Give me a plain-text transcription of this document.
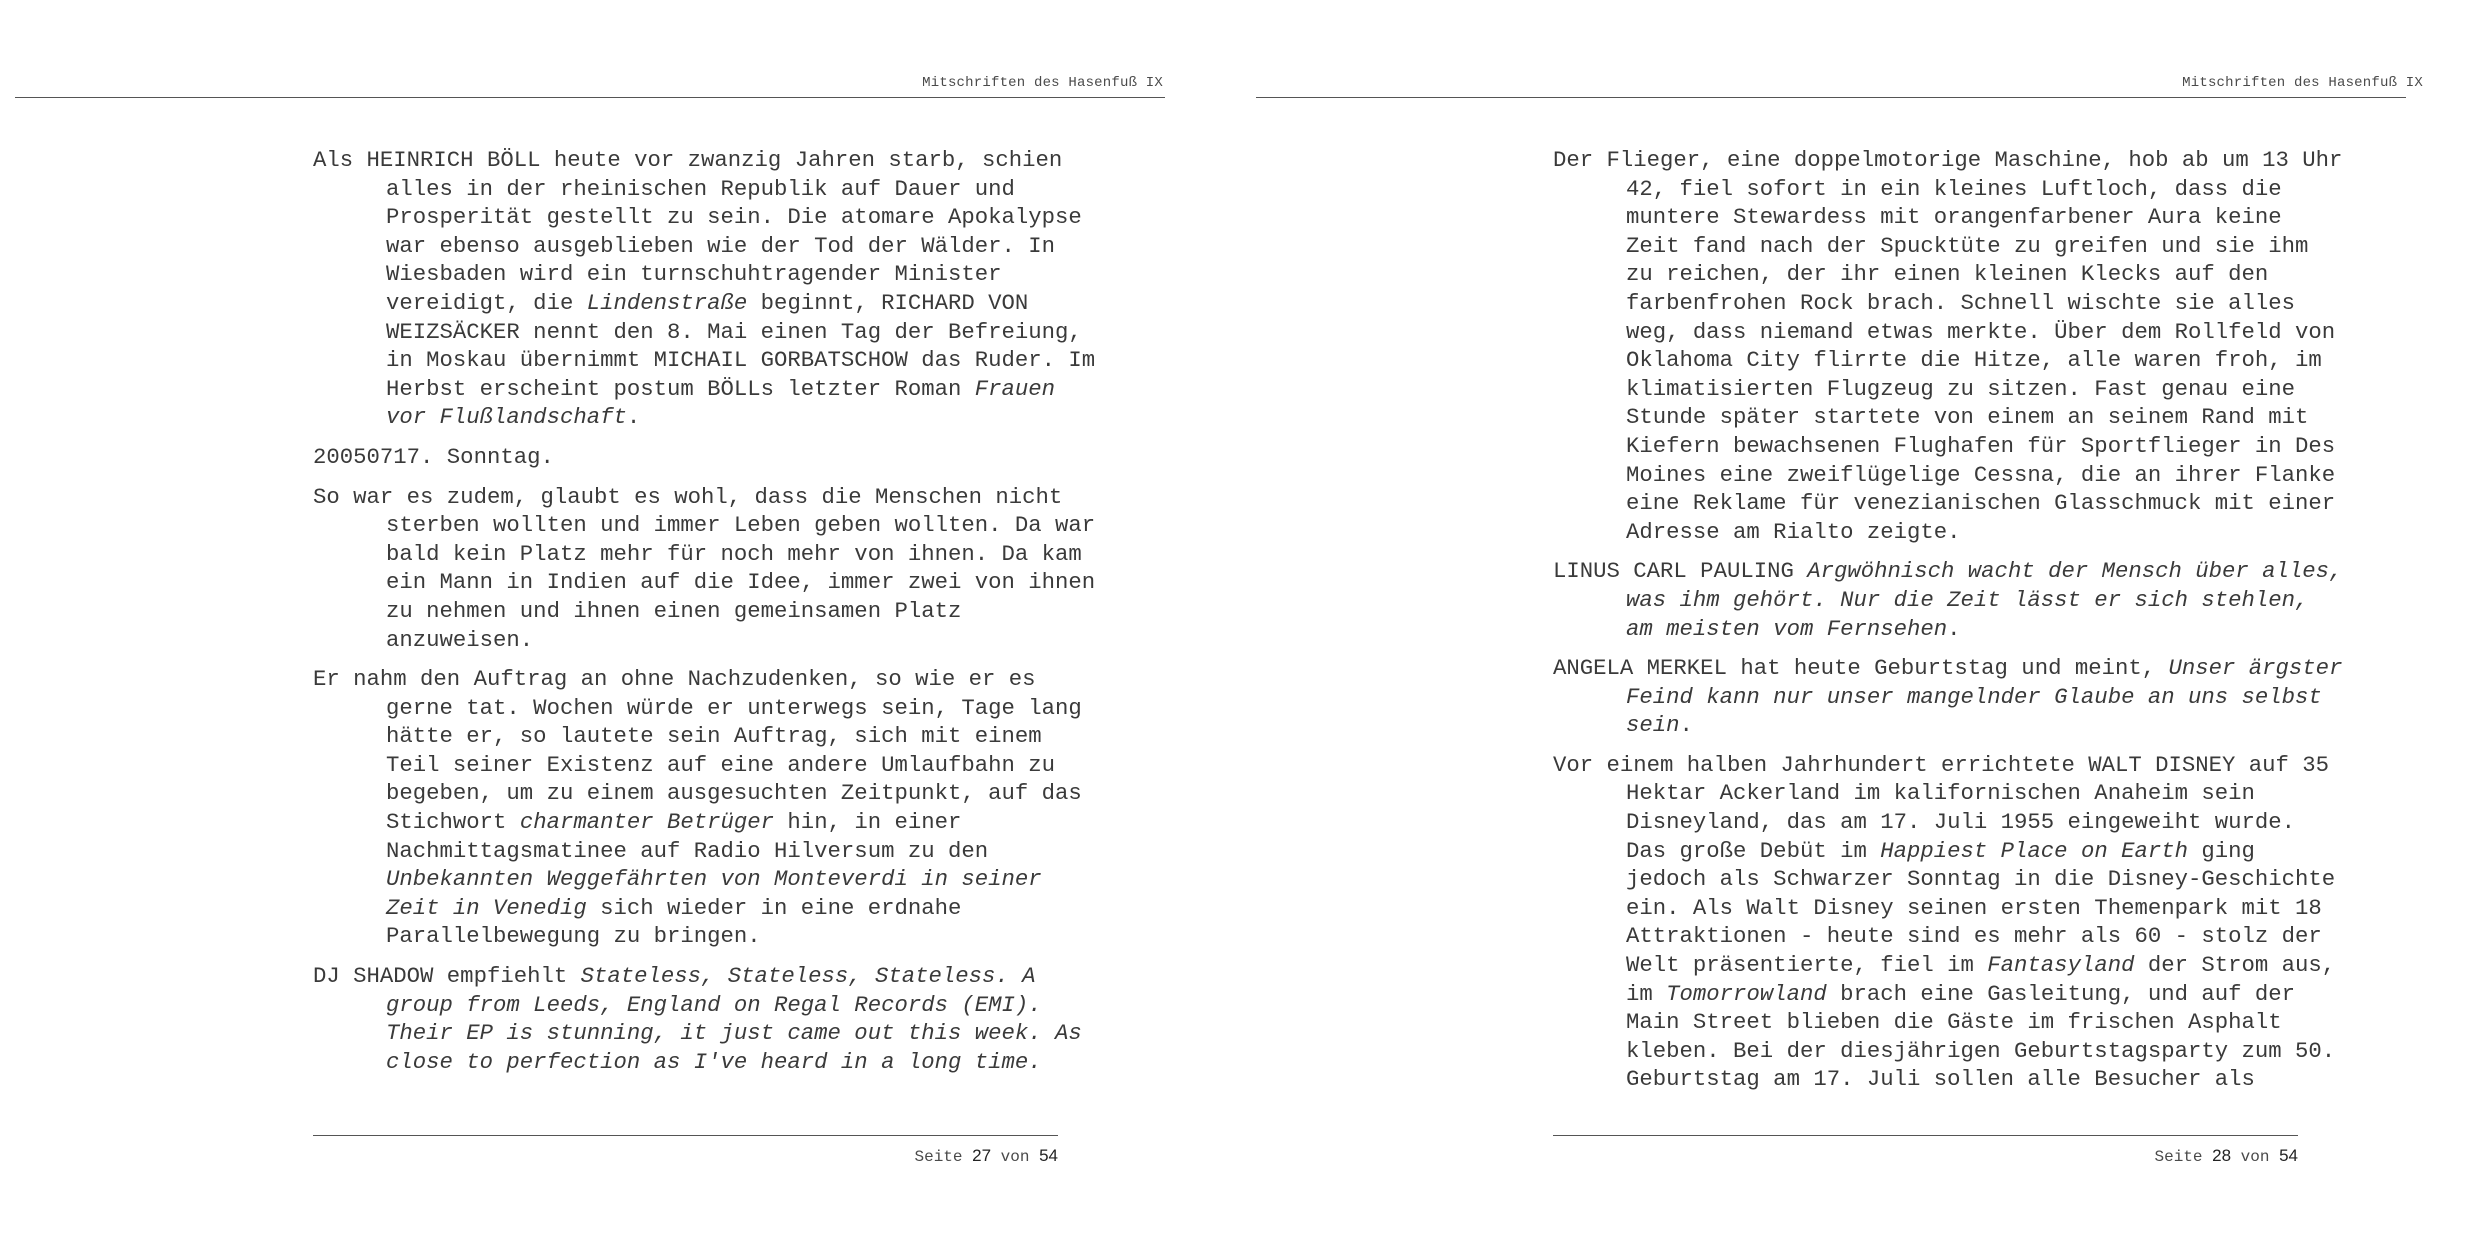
Mitschriften des Hasenfuß IX

Als HEINRICH BÖLL heute vor zwanzig Jahren starb, schien alles in der rheinischen Republik auf Dauer und Prosperität gestellt zu sein. Die atomare Apokalypse war ebenso ausgeblieben wie der Tod der Wälder. In Wiesbaden wird ein turnschuhtragender Minister vereidigt, die Lindenstraße beginnt, RICHARD VON WEIZSÄCKER nennt den 8. Mai einen Tag der Befreiung, in Moskau übernimmt MICHAIL GORBATSCHOW das Ruder. Im Herbst erscheint postum BÖLLs letzter Roman Frauen vor Flußlandschaft.

20050717. Sonntag.

So war es zudem, glaubt es wohl, dass die Menschen nicht sterben wollten und immer Leben geben wollten. Da war bald kein Platz mehr für noch mehr von ihnen. Da kam ein Mann in Indien auf die Idee, immer zwei von ihnen zu nehmen und ihnen einen gemeinsamen Platz anzuweisen.

Er nahm den Auftrag an ohne Nachzudenken, so wie er es gerne tat. Wochen würde er unterwegs sein, Tage lang hätte er, so lautete sein Auftrag, sich mit einem Teil seiner Existenz auf eine andere Umlaufbahn zu begeben, um zu einem ausgesuchten Zeitpunkt, auf das Stichwort charmanter Betrüger hin, in einer Nachmittagsmatinee auf Radio Hilversum zu den Unbekannten Weggefährten von Monteverdi in seiner Zeit in Venedig sich wieder in eine erdnahe Parallelbewegung zu bringen.

DJ SHADOW empfiehlt Stateless, Stateless, Stateless. A group from Leeds, England on Regal Records (EMI). Their EP is stunning, it just came out this week. As close to perfection as I've heard in a long time.

Seite 27 von 54
Mitschriften des Hasenfuß IX

Der Flieger, eine doppelmotorige Maschine, hob ab um 13 Uhr 42, fiel sofort in ein kleines Luftloch, dass die muntere Stewardess mit orangenfarbener Aura keine Zeit fand nach der Spucktüte zu greifen und sie ihm zu reichen, der ihr einen kleinen Klecks auf den farbenfrohen Rock brach. Schnell wischte sie alles weg, dass niemand etwas merkte. Über dem Rollfeld von Oklahoma City flirrte die Hitze, alle waren froh, im klimatisierten Flugzeug zu sitzen. Fast genau eine Stunde später startete von einem an seinem Rand mit Kiefern bewachsenen Flughafen für Sportflieger in Des Moines eine zweiflügelige Cessna, die an ihrer Flanke eine Reklame für venezianischen Glasschmuck mit einer Adresse am Rialto zeigte.

LINUS CARL PAULING Argwöhnisch wacht der Mensch über alles, was ihm gehört. Nur die Zeit lässt er sich stehlen, am meisten vom Fernsehen.

ANGELA MERKEL hat heute Geburtstag und meint, Unser ärgster Feind kann nur unser mangelnder Glaube an uns selbst sein.

Vor einem halben Jahrhundert errichtete WALT DISNEY auf 35 Hektar Ackerland im kalifornischen Anaheim sein Disneyland, das am 17. Juli 1955 eingeweiht wurde. Das große Debüt im Happiest Place on Earth ging jedoch als Schwarzer Sonntag in die Disney-Geschichte ein. Als Walt Disney seinen ersten Themenpark mit 18 Attraktionen - heute sind es mehr als 60 - stolz der Welt präsentierte, fiel im Fantasyland der Strom aus, im Tomorrowland brach eine Gasleitung, und auf der Main Street blieben die Gäste im frischen Asphalt kleben. Bei der diesjährigen Geburtstagsparty zum 50. Geburtstag am 17. Juli sollen alle Besucher als

Seite 28 von 54
